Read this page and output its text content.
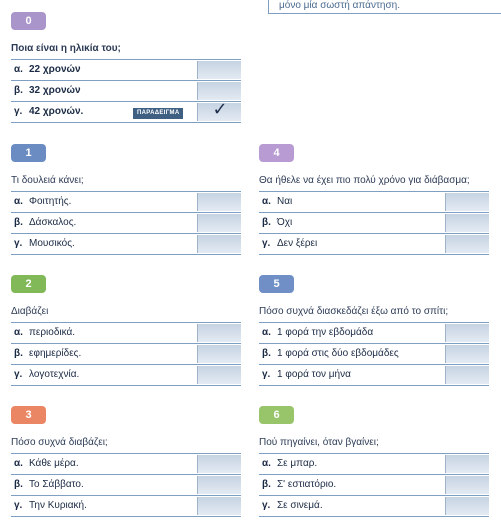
μόνο μία σωστή απάντηση.
0
Ποια είναι η ηλικία του;
α. 22 χρονών
β. 32 χρονών
γ. 42 χρονών.	ΠΑΡΑΔΕΙΓΜΑ	✓
1
Τι δουλειά κάνει;
α. Φοιτητής.
β. Δάσκαλος.
γ. Μουσικός.
2
Διαβάζει
α. περιοδικά.
β. εφημερίδες.
γ. λογοτεχνία.
3
Πόσο συχνά διαβάζει;
α. Κάθε μέρα.
β. Το Σάββατο.
γ. Την Κυριακή.
4
Θα ήθελε να έχει πιο πολύ χρόνο για διάβασμα;
α. Ναι
β. Όχι
γ. Δεν ξέρει
5
Πόσο συχνά διασκεδάζει έξω από το σπίτι;
α. 1 φορά την εβδομάδα
β. 1 φορά στις δύο εβδομάδες
γ. 1 φορά τον μήνα
6
Πού πηγαίνει, όταν βγαίνει;
α. Σε μπαρ.
β. Σ' εστιατόριο.
γ. Σε σινεμά.
